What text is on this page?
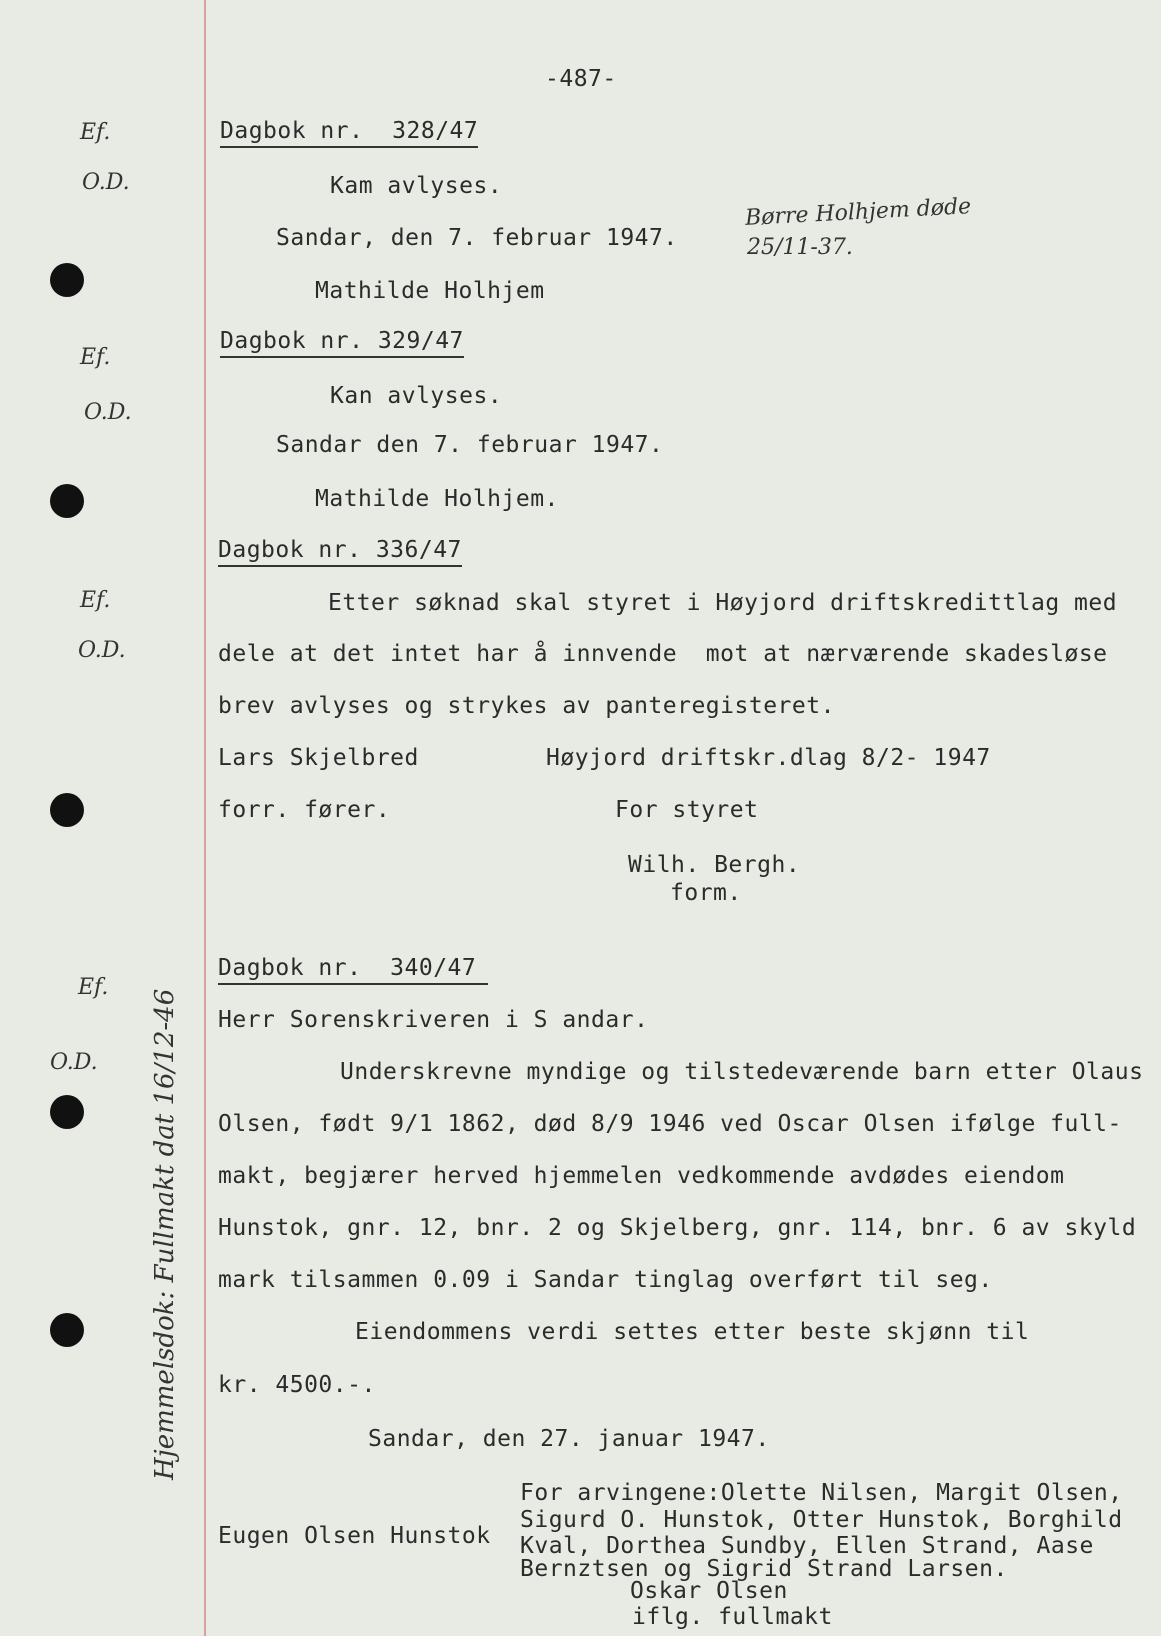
-487-
Ef.
O.D.
Ef.
O.D.
Ef.
O.D.
Ef.
O.D. Hjemmelsdok: Fullmakt dat 16/12-46
Børre Holhjem døde
25/11-37.
Dagbok nr.  328/47
Kam avlyses.
Sandar, den 7. februar 1947.
Mathilde Holhjem
Dagbok nr. 329/47
Kan avlyses.
Sandar den 7. februar 1947.
Mathilde Holhjem.
Dagbok nr. 336/47
Etter søknad skal styret i Høyjord driftskredittlag med
dele at det intet har å innvende  mot at nærværende skadesløse
brev avlyses og strykes av panteregisteret.
Lars Skjelbred	Høyjord driftskr.dlag 8/2- 1947
forr. fører.	For styret
Wilh. Bergh.
form.
Dagbok nr.  340/47
Herr Sorenskriveren i S andar.
Underskrevne myndige og tilstedeværende barn etter Olaus
Olsen, født 9/1 1862, død 8/9 1946 ved Oscar Olsen ifølge full-
makt, begjærer herved hjemmelen vedkommende avdødes eiendom
Hunstok, gnr. 12, bnr. 2 og Skjelberg, gnr. 114, bnr. 6 av skyld
mark tilsammen 0.09 i Sandar tinglag overført til seg.
Eiendommens verdi settes etter beste skjønn til
kr. 4500.-.
Sandar, den 27. januar 1947.
Eugen Olsen Hunstok
For arvingene:Olette Nilsen, Margit Olsen,
Sigurd O. Hunstok, Otter Hunstok, Borghild
Kval, Dorthea Sundby, Ellen Strand, Aase
Bernztsen og Sigrid Strand Larsen.
Oskar Olsen
iflg. fullmakt
